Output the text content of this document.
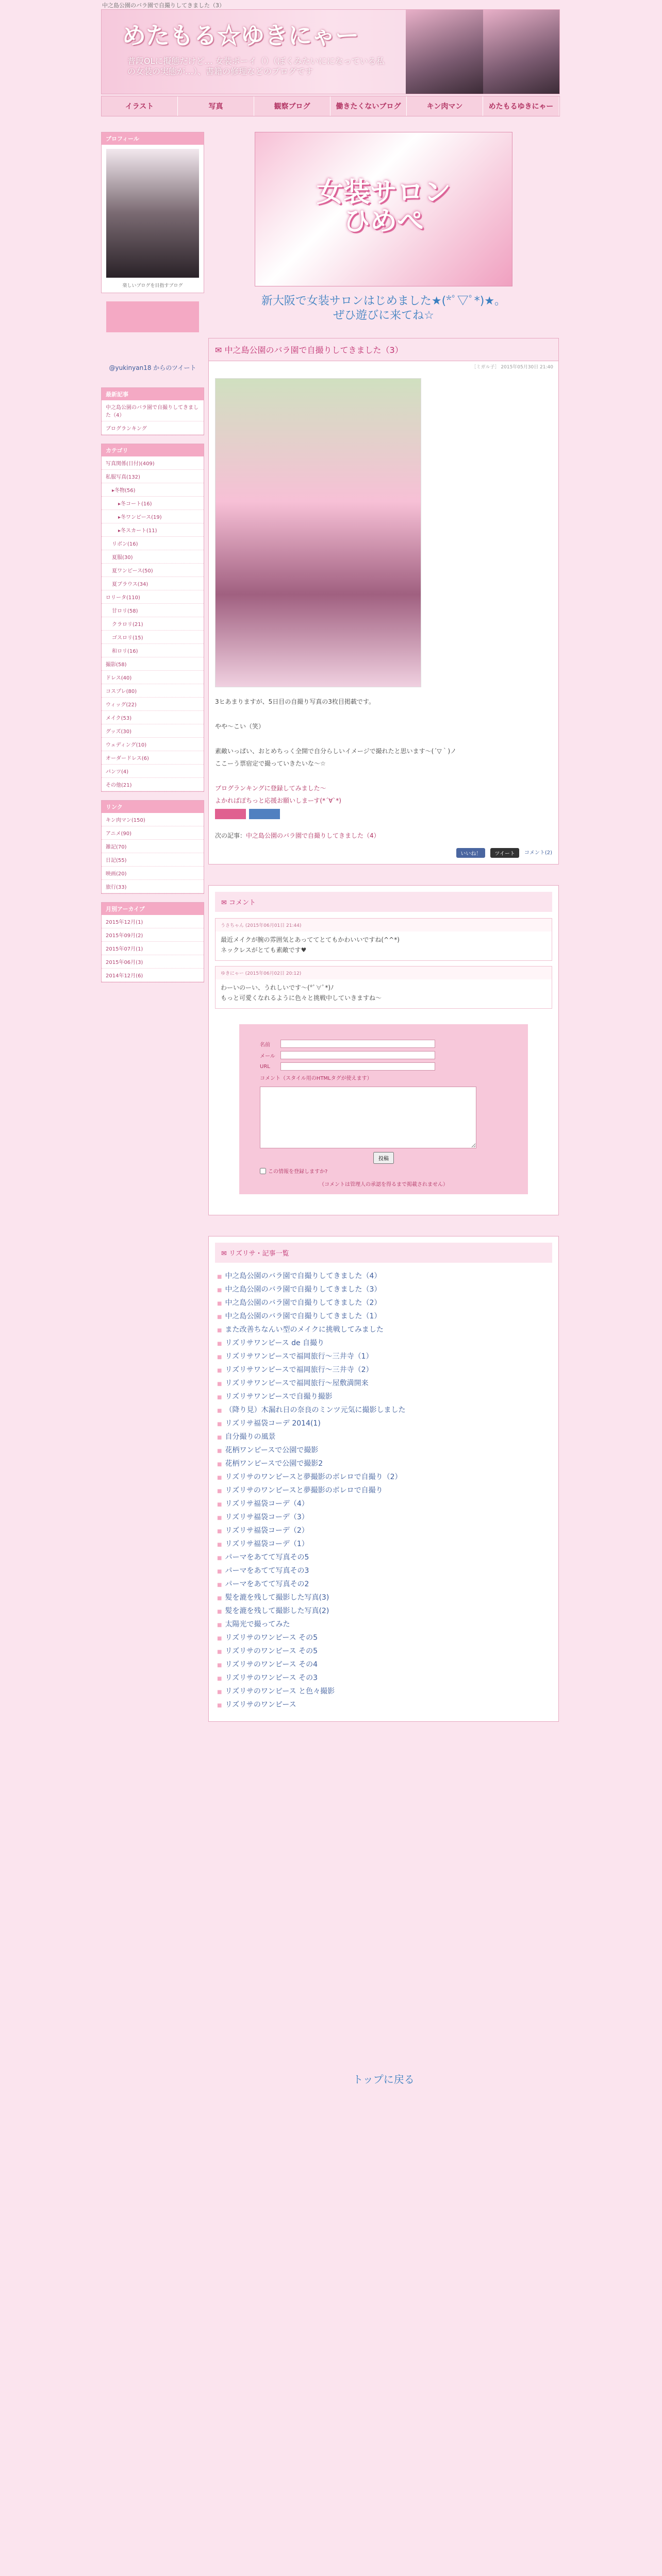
中之島公園のバラ園で自撮りしてきました（3）
めたもる☆ゆきにゃー
普段OLに擬態だけど… 女装ボーイ（）（ぼくみたいにになっている私の女装の実態が…）、書籍の修理などのブログです
イラスト	写真	観察ブログ	働きたくないブログ	キン肉マン	めたもるゆきにゃー
プロフィール
楽しいブログを目指すブログ
@yukinyan18 からのツイート
最新記事
中之島公園のバラ園で自撮りしてきました（4）
ブログランキング
カテゴリ
写真関係(日付)(409)
私服写真(132)
▸冬物(56)
▸冬コート(16)
▸冬ワンピース(19)
▸冬スカート(11)
リボン(16)
夏服(30)
夏ワンピース(50)
夏ブラウス(34)
ロリータ(110)
甘ロリ(58)
クラロリ(21)
ゴスロリ(15)
和ロリ(16)
撮影(58)
ドレス(40)
コスプレ(80)
ウィッグ(22)
メイク(53)
グッズ(30)
ウェディング(10)
オーダードレス(6)
パンツ(4)
その他(21)
リンク
キン肉マン(150)
アニメ(90)
雑記(70)
日記(55)
映画(20)
旅行(33)
月別アーカイブ
2015年12月(1)
2015年09月(2)
2015年07月(1)
2015年06月(3)
2014年12月(6)
女装サロン
ひめぺ
新大阪で女装サロンはじめました★(*ﾟ▽ﾟ*)★。
ぜひ遊びに来てね☆
✉ 中之島公園のバラ園で自撮りしてきました（3）
［ミガル子］ 2015年05月30日 21:40
3ヒあまりますが、5日目の自撮り写真の3枚目掲載です。

やや〜こい（笑）

素敵いっぱい、おとめちっく全開で自分らしいイメージで撮れたと思います〜(´▽｀)ノ
ここーう票宿定で撮っていきたいな〜☆

ブログランキングに登録してみました〜
よかればぽちっと応援お願いしまーす(*´∀`*)
次の記事：中之島公園のバラ園で自撮りしてきました（4）
いいね！	ツイート	コメント(2)
✉ コメント
うさちゃん (2015年06月01日 21:44)
最近メイクが腕の雰囲気とあっててとてもかわいいですね(^^*)
ネックレスがとても素敵です♥
ゆきにゃー (2015年06月02日 20:12)
わーいのーい、うれしいです〜(*ﾟ∀ﾟ*)ﾉ
もっと可愛くなれるように色々と挑戦中していきますね〜
名前
メール
URL
コメント（スタイル用のHTMLタグが使えます）
投稿
この情報を登録しますか?
（コメントは管理人の承認を得るまで掲載されません）
✉ リズリサ・記事一覧
■ 中之島公園のバラ園で自撮りしてきました（4）
■ 中之島公園のバラ園で自撮りしてきました（3）
■ 中之島公園のバラ園で自撮りしてきました（2）
■ 中之島公園のバラ園で自撮りしてきました（1）
■ また改善ちなんい型のメイクに挑戦してみました
■ リズリサワンピース de 自撮り
■ リズリサワンピースで福岡旅行〜三井寺（1）
■ リズリサワンピースで福岡旅行〜三井寺（2）
■ リズリサワンピースで福岡旅行〜屋敷満開来
■ リズリサワンピースで自撮り撮影
■ （降り見）木漏れ日の奈良のミンツ元気に撮影しました
■ リズリサ福袋コーデ 2014(1)
■ 自分撮りの風景
■ 花柄ワンピースで公園で撮影
■ 花柄ワンピースで公園で撮影2
■ リズリサのワンピースと夢撮影のボレロで自撮り（2）
■ リズリサのワンピースと夢撮影のボレロで自撮り
■ リズリサ福袋コーデ（4）
■ リズリサ福袋コーデ（3）
■ リズリサ福袋コーデ（2）
■ リズリサ福袋コーデ（1）
■ パーマをあてて写真その5
■ パーマをあてて写真その3
■ パーマをあてて写真その2
■ 髪を漉を残して撮影した写真(3)
■ 髪を漉を残して撮影した写真(2)
■ 太陽光で撮ってみた
■ リズリサのワンピース その5
■ リズリサのワンピース その5
■ リズリサのワンピース その4
■ リズリサのワンピース その3
■ リズリサのワンピース と色々撮影
■ リズリサのワンピース
トップに戻る
